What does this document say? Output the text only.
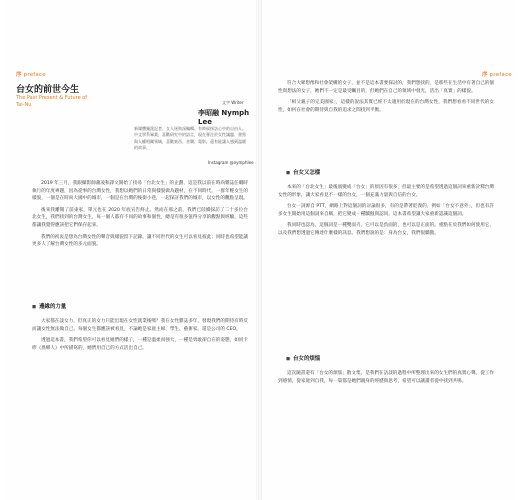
序 preface
台女的前世今生
The Past Present & Future of Tai-Nu	文字 Writer
李昭融 Nymph Lee
新媒體獨派記者、女人迷資深編輯、有時候採訪心中的自由人。中文學系畢業，喜歡研究中的語言，現在專注於女性議題、書寫與人權相關領域，喜歡東西、音樂、電影，還有能讓人感到溫暖的故事。
Instagram @nymphlee

2019 年三月，我跟攝影師蕭凌和譯文開始了找尋「台北女生」的企劃，這是我以前在時尚雜誌任職時執行的年度專題，因為從事的台灣女性，我想以她們的日常與樣貌做為題材，在不同時代，一群年輕女生的樣貌，一個是在時尚大國中的城市，一個是在台灣的後街小巷，一起探討我們的城市，以女性的觀點呈現。

後來我離開了前東家，單元也在 2020 年底宣告終止。然而在那之前，我們已陸續採訪了二十多位台北女生，我們找到的台灣女生，每一個人都有不同的故事和個性，總是有很多值得分享的觀點與經驗，這些都讓我覺得應該把它們保存起來。

我們的初衷是想為台灣女性的聲音與樣貌留下記錄，讓不同世代的女生可以看見彼此；同時也希望能讓更多人了解台灣女性的多元面貌。

◼ 邊緣的力量

大家都在談女力，但真正的女力只能出現在女性就業後嗎？我在女性雜誌多年，發現我們的期待有時反而讓女性無法做自己。每個女生都應該被看見，不論她是家庭主婦、學生、藝術家，還是公司的 CEO。

透過這本書，我們希望你可以看見她們的樣子，一種是溫柔而強大，一種是勇敢卻自在的姿態，如同卡繆《異鄉人》中所描寫的，她們用自己的方式活出自己。

序 preface

符合大眾想像和社會架構的女子，並不是這本書要探討的，我們想找的，是那些在生活中有著自己的個性與想法的女子，她們不一定是最受矚目的，但她們在自己的領域中發光，活出「真實」的樣貌。

「相父親子的完美國家」，這樣的說法其實已經不太適用於現在的台灣女性，我們想看看不同世代的女性，如何在社會的期待與自我的追求之間找到平衡。

◼ 台女又怎樣

本來的「台北女生」最後演變成「台女」的原因有很多，但最主要的是希望透過這個詞來重新詮釋台灣女性的形象，讓大家看見不一樣的台女，一個充滿力量與自信的台女。

台女一詞源自 PTT，網路上對這個詞的討論很多，有的是帶著貶義的，例如「台女不意外」，但也有許多女生開始用這個詞來自稱，把它變成一種驕傲與認同。這本書希望讓大家重新認識這個詞。

我同時也認為，這個詞是一種雙面刃，它可以是負面的，也可以是正面的。重點在於我們如何使用它，以及我們想透過它傳達什麼樣的訊息。我們想說的是：身為台女，我們很驕傲。

◼ 台女的煩惱

這次隨書還有「台女的煩惱」散文集，是我們在訪談的過程中所整理出來的女生們的真實心聲。從工作到感情，從家庭到自我，每一篇都是她們親身的經歷與思考，希望可以讓讀者從中找到共鳴。
